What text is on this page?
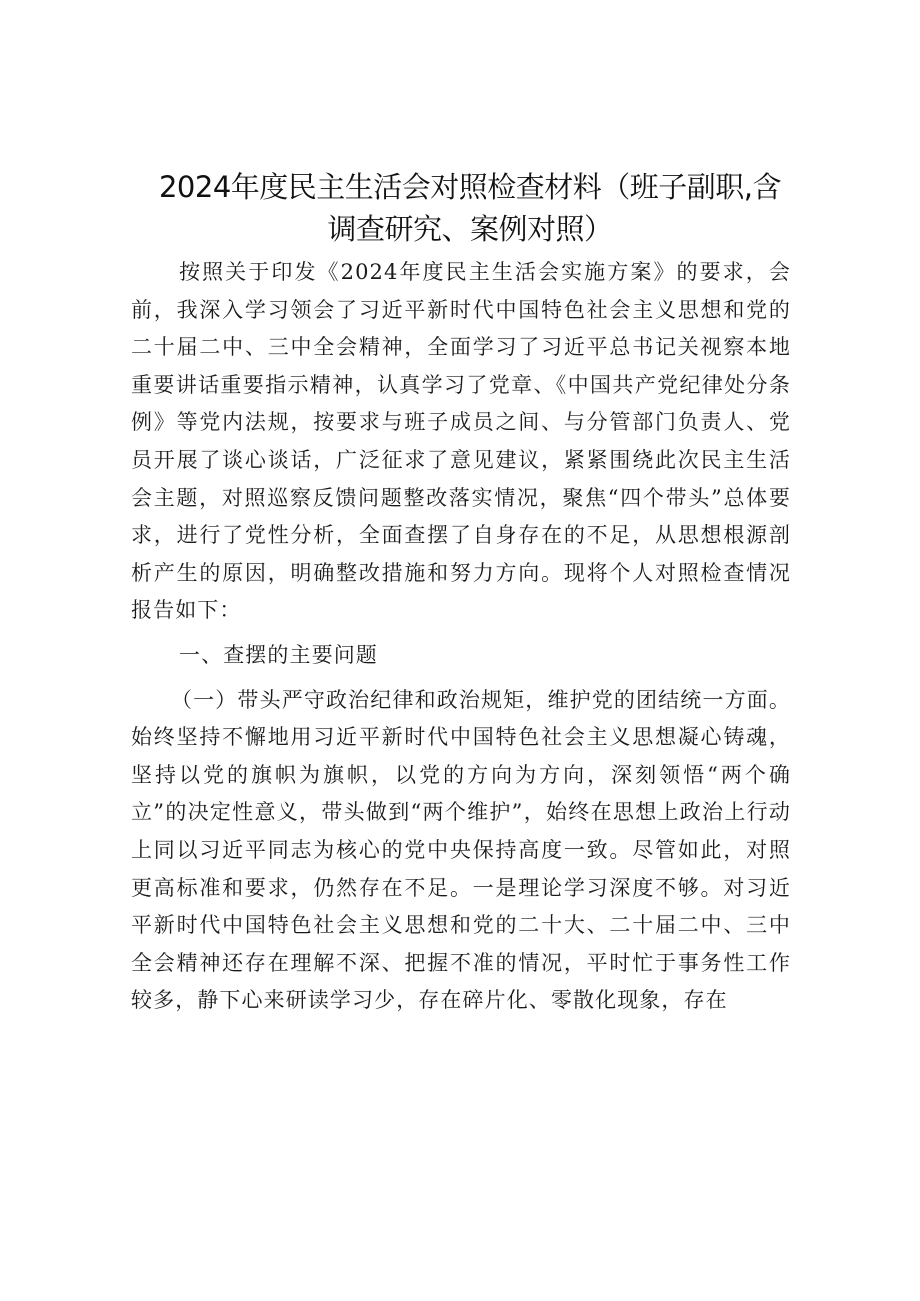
2024年度民主生活会对照检查材料（班子副职,含调查研究、案例对照）

按照关于印发《2024年度民主生活会实施方案》的要求，会前，我深入学习领会了习近平新时代中国特色社会主义思想和党的二十届二中、三中全会精神，全面学习了习近平总书记关视察本地重要讲话重要指示精神，认真学习了党章、《中国共产党纪律处分条例》等党内法规，按要求与班子成员之间、与分管部门负责人、党员开展了谈心谈话，广泛征求了意见建议，紧紧围绕此次民主生活会主题，对照巡察反馈问题整改落实情况，聚焦“四个带头”总体要求，进行了党性分析，全面查摆了自身存在的不足，从思想根源剖析产生的原因，明确整改措施和努力方向。现将个人对照检查情况报告如下：

一、查摆的主要问题

（一）带头严守政治纪律和政治规矩，维护党的团结统一方面。始终坚持不懈地用习近平新时代中国特色社会主义思想凝心铸魂，坚持以党的旗帜为旗帜，以党的方向为方向，深刻领悟“两个确立”的决定性意义，带头做到“两个维护”，始终在思想上政治上行动上同以习近平同志为核心的党中央保持高度一致。尽管如此，对照更高标准和要求，仍然存在不足。一是理论学习深度不够。对习近平新时代中国特色社会主义思想和党的二十大、二十届二中、三中全会精神还存在理解不深、把握不准的情况，平时忙于事务性工作较多，静下心来研读学习少，存在碎片化、零散化现象，存在
